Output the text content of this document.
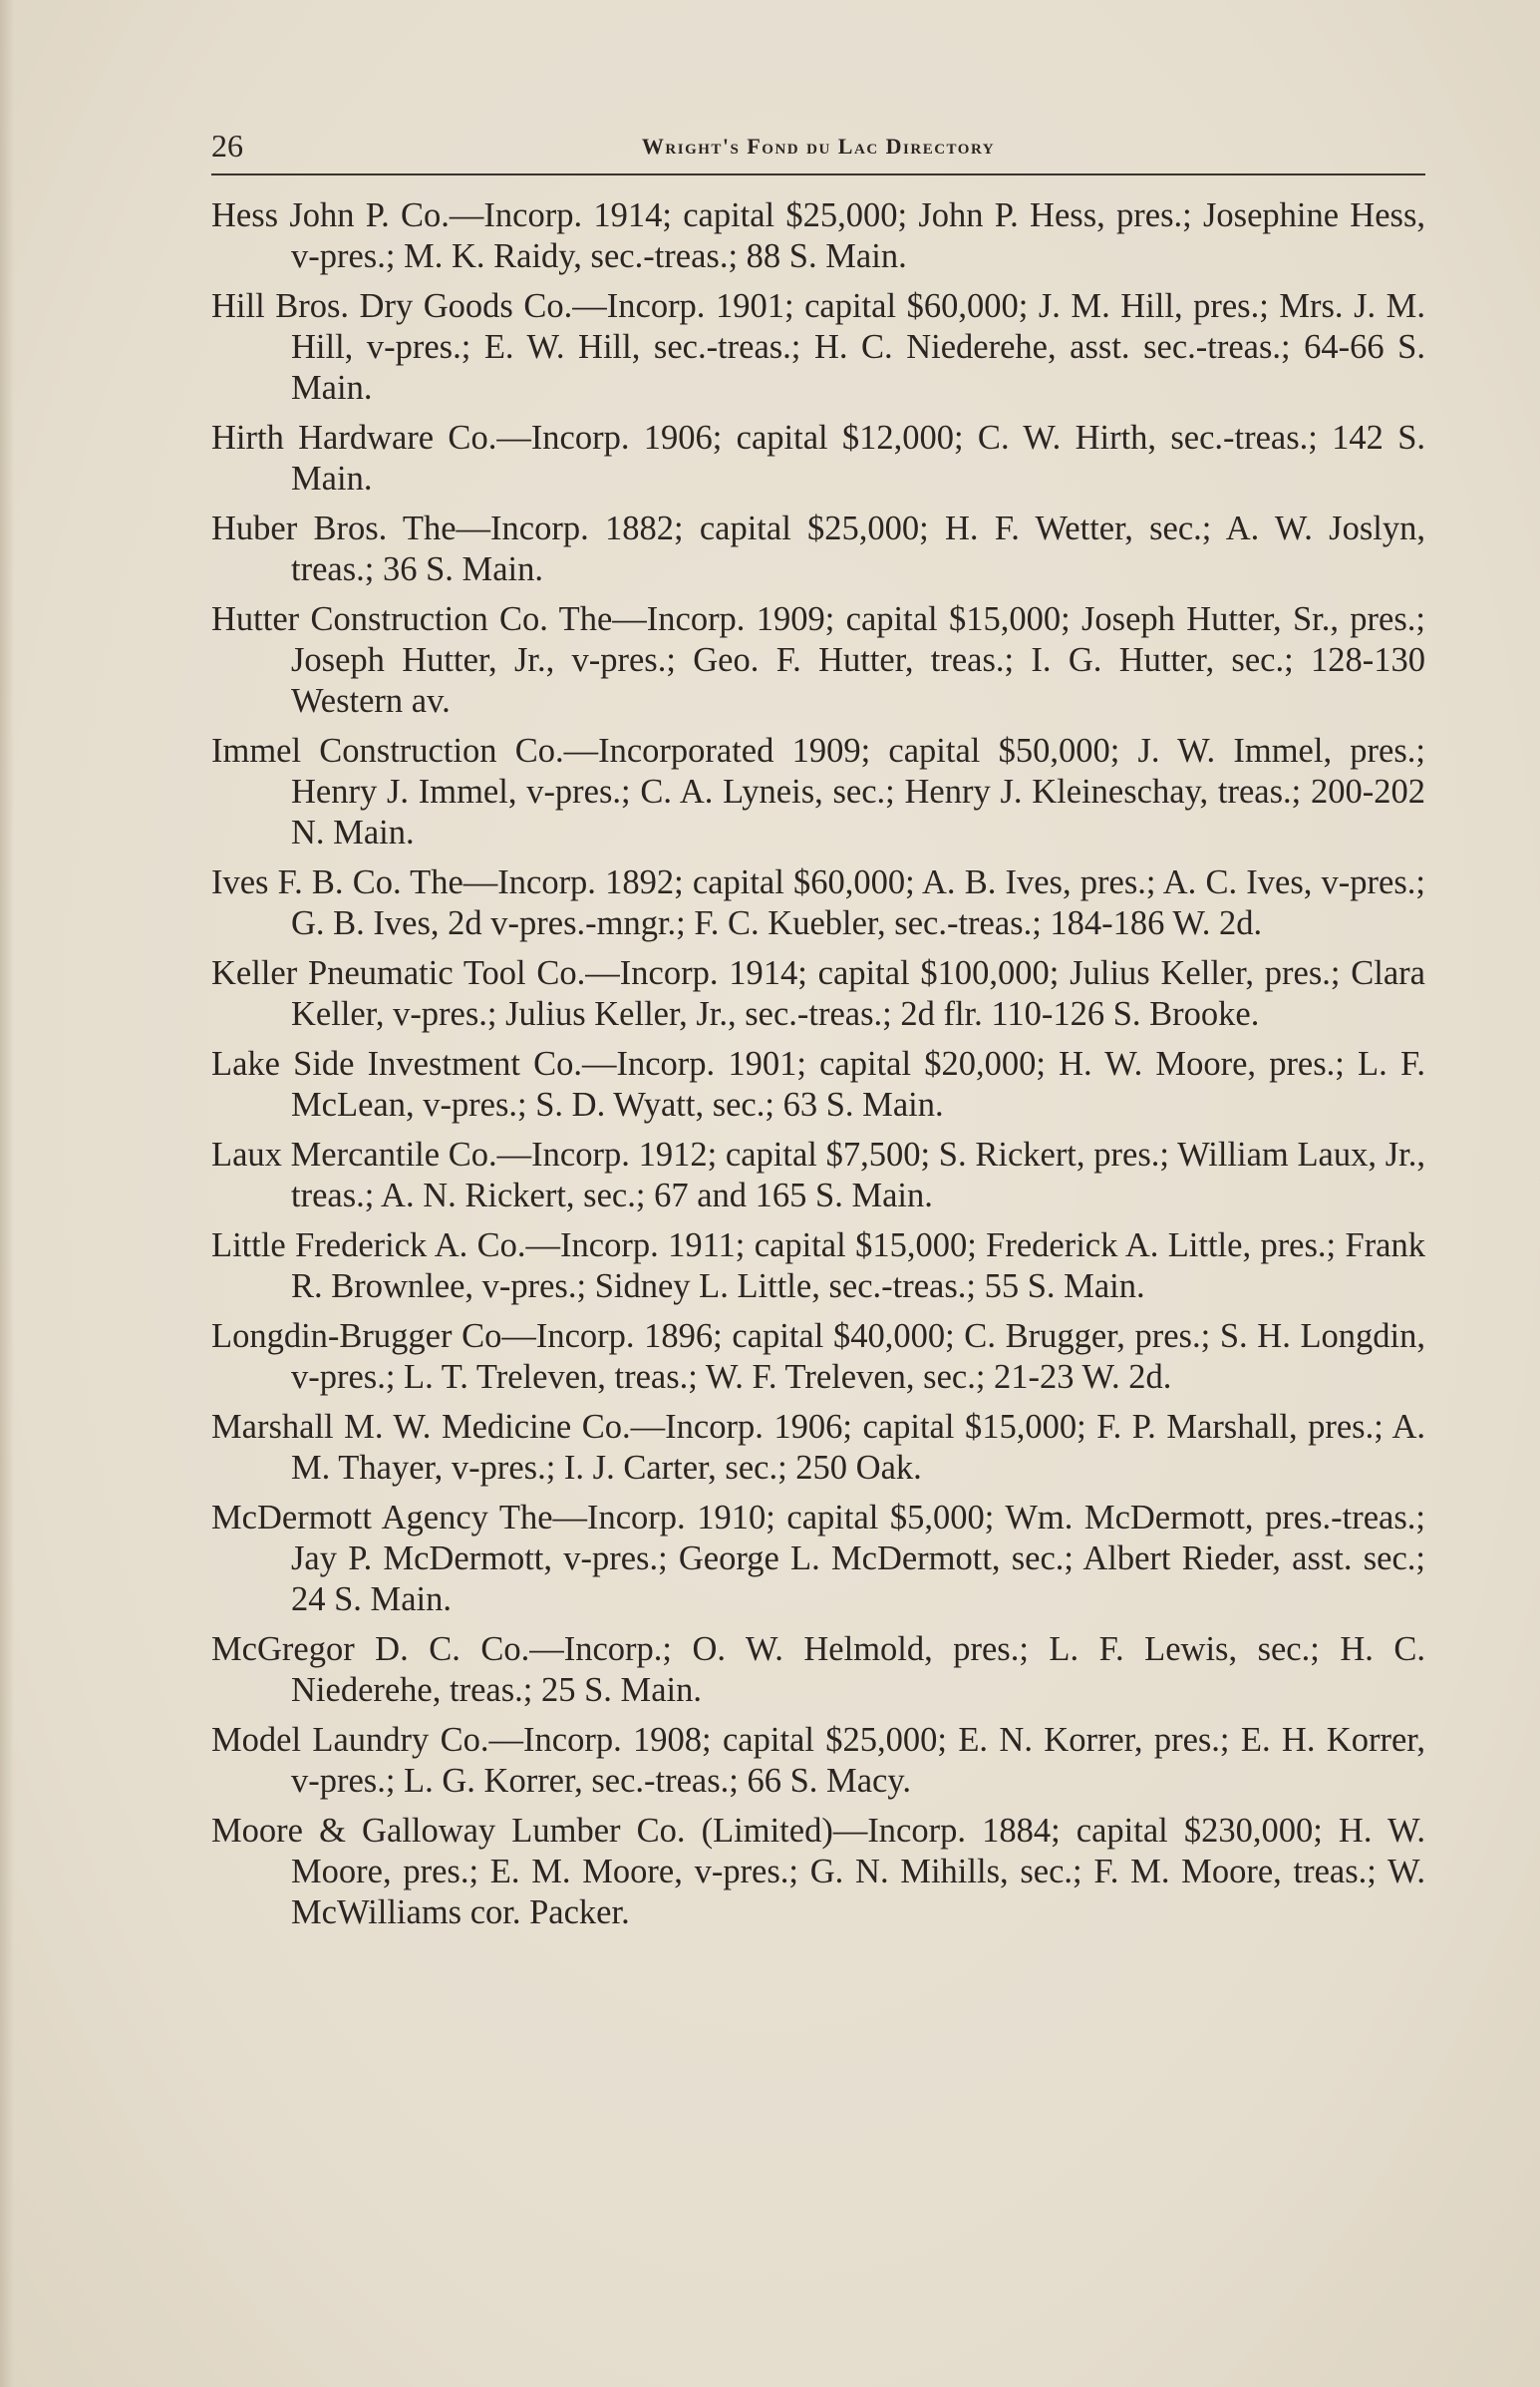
26	Wright's Fond du Lac Directory
Hess John P. Co.—Incorp. 1914; capital $25,000; John P. Hess, pres.; Josephine Hess, v-pres.; M. K. Raidy, sec.-treas.; 88 S. Main.
Hill Bros. Dry Goods Co.—Incorp. 1901; capital $60,000; J. M. Hill, pres.; Mrs. J. M. Hill, v-pres.; E. W. Hill, sec.-treas.; H. C. Niederehe, asst. sec.-treas.; 64-66 S. Main.
Hirth Hardware Co.—Incorp. 1906; capital $12,000; C. W. Hirth, sec.-treas.; 142 S. Main.
Huber Bros. The—Incorp. 1882; capital $25,000; H. F. Wetter, sec.; A. W. Joslyn, treas.; 36 S. Main.
Hutter Construction Co. The—Incorp. 1909; capital $15,000; Joseph Hutter, Sr., pres.; Joseph Hutter, Jr., v-pres.; Geo. F. Hutter, treas.; I. G. Hutter, sec.; 128-130 Western av.
Immel Construction Co.—Incorporated 1909; capital $50,000; J. W. Immel, pres.; Henry J. Immel, v-pres.; C. A. Lyneis, sec.; Henry J. Kleineschay, treas.; 200-202 N. Main.
Ives F. B. Co. The—Incorp. 1892; capital $60,000; A. B. Ives, pres.; A. C. Ives, v-pres.; G. B. Ives, 2d v-pres.-mngr.; F. C. Kuebler, sec.-treas.; 184-186 W. 2d.
Keller Pneumatic Tool Co.—Incorp. 1914; capital $100,000; Julius Keller, pres.; Clara Keller, v-pres.; Julius Keller, Jr., sec.-treas.; 2d flr. 110-126 S. Brooke.
Lake Side Investment Co.—Incorp. 1901; capital $20,000; H. W. Moore, pres.; L. F. McLean, v-pres.; S. D. Wyatt, sec.; 63 S. Main.
Laux Mercantile Co.—Incorp. 1912; capital $7,500; S. Rickert, pres.; William Laux, Jr., treas.; A. N. Rickert, sec.; 67 and 165 S. Main.
Little Frederick A. Co.—Incorp. 1911; capital $15,000; Frederick A. Little, pres.; Frank R. Brownlee, v-pres.; Sidney L. Little, sec.-treas.; 55 S. Main.
Longdin-Brugger Co—Incorp. 1896; capital $40,000; C. Brugger, pres.; S. H. Longdin, v-pres.; L. T. Treleven, treas.; W. F. Treleven, sec.; 21-23 W. 2d.
Marshall M. W. Medicine Co.—Incorp. 1906; capital $15,000; F. P. Marshall, pres.; A. M. Thayer, v-pres.; I. J. Carter, sec.; 250 Oak.
McDermott Agency The—Incorp. 1910; capital $5,000; Wm. McDermott, pres.-treas.; Jay P. McDermott, v-pres.; George L. McDermott, sec.; Albert Rieder, asst. sec.; 24 S. Main.
McGregor D. C. Co.—Incorp.; O. W. Helmold, pres.; L. F. Lewis, sec.; H. C. Niederehe, treas.; 25 S. Main.
Model Laundry Co.—Incorp. 1908; capital $25,000; E. N. Korrer, pres.; E. H. Korrer, v-pres.; L. G. Korrer, sec.-treas.; 66 S. Macy.
Moore & Galloway Lumber Co. (Limited)—Incorp. 1884; capital $230,000; H. W. Moore, pres.; E. M. Moore, v-pres.; G. N. Mihills, sec.; F. M. Moore, treas.; W. McWilliams cor. Packer.
